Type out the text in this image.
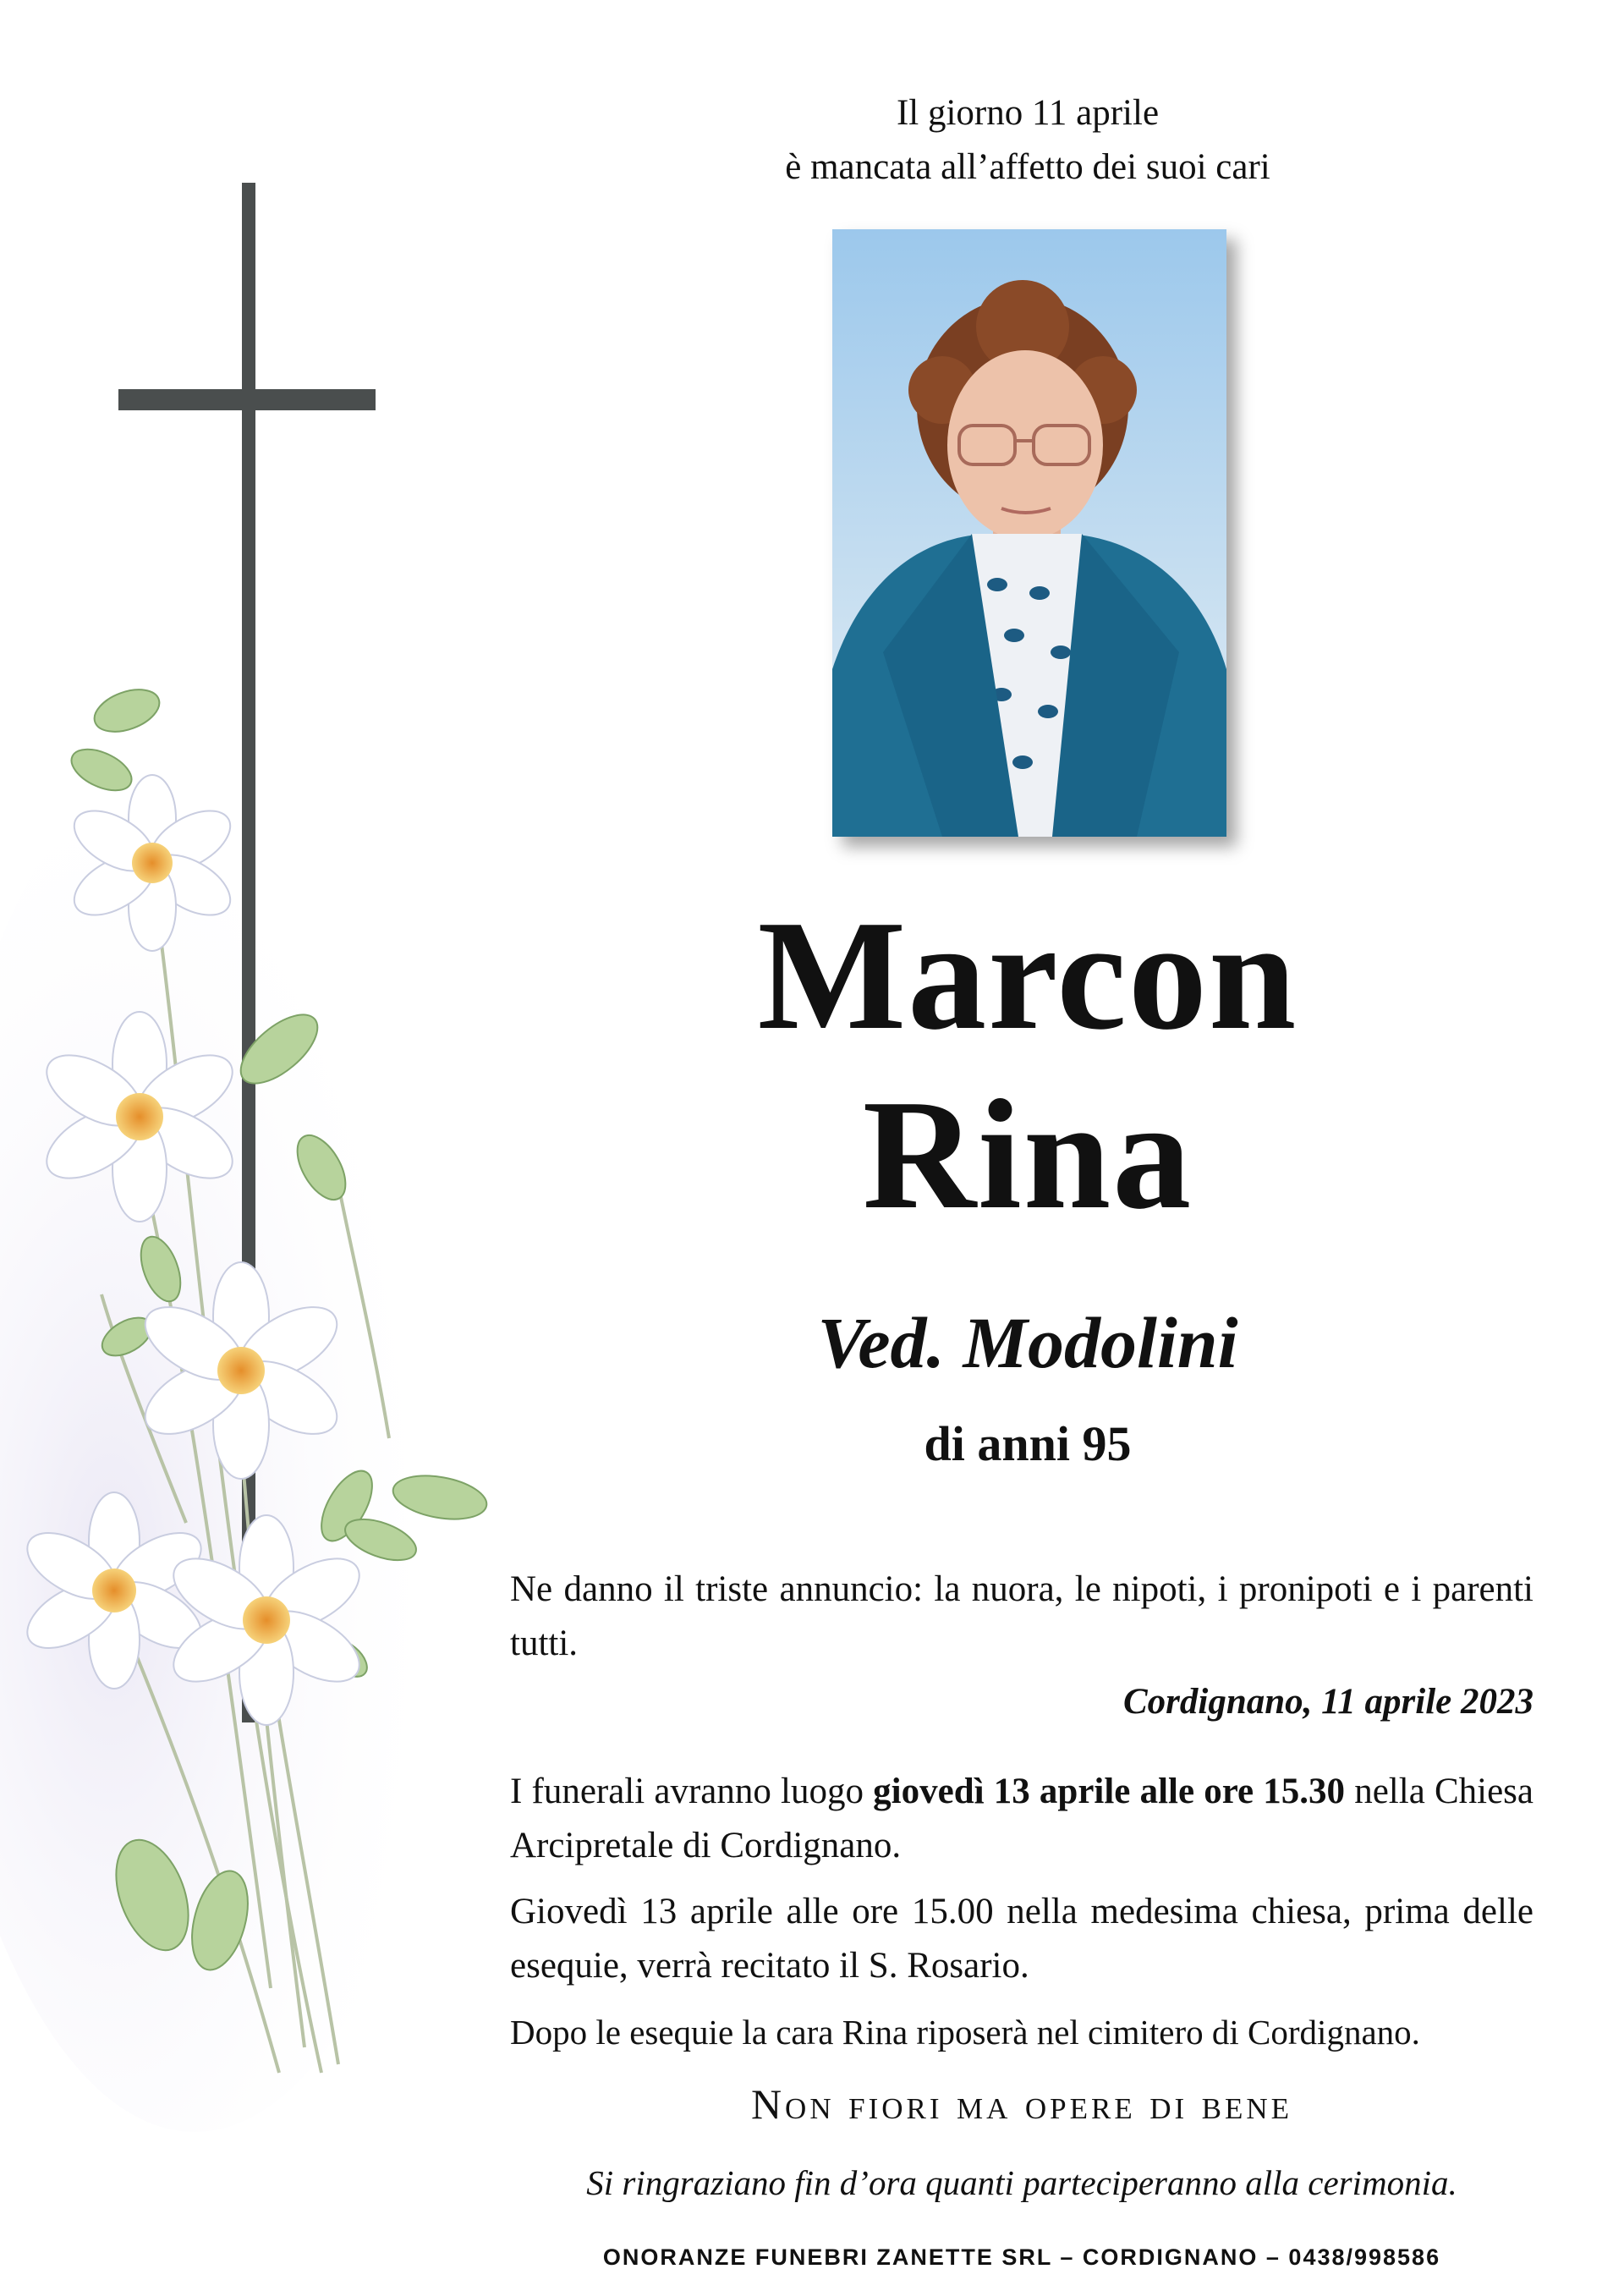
Il giorno 11 aprile
è mancata all’affetto dei suoi cari
Marcon
Rina
Ved. Modolini
di anni 95
Ne danno il triste annuncio: la nuora, le nipoti, i pronipoti e i parenti tutti.
Cordignano, 11 aprile 2023
I funerali avranno luogo giovedì 13 aprile alle ore 15.30 nella Chiesa Arcipretale di Cordignano.
Giovedì 13 aprile alle ore 15.00 nella medesima chiesa, prima delle esequie, verrà recitato il S. Rosario.
Dopo le esequie la cara Rina riposerà nel cimitero di Cordignano.
Non fiori ma opere di bene
Si ringraziano fin d’ora quanti parteciperanno alla cerimonia.
ONORANZE FUNEBRI ZANETTE SRL – CORDIGNANO – 0438/998586
